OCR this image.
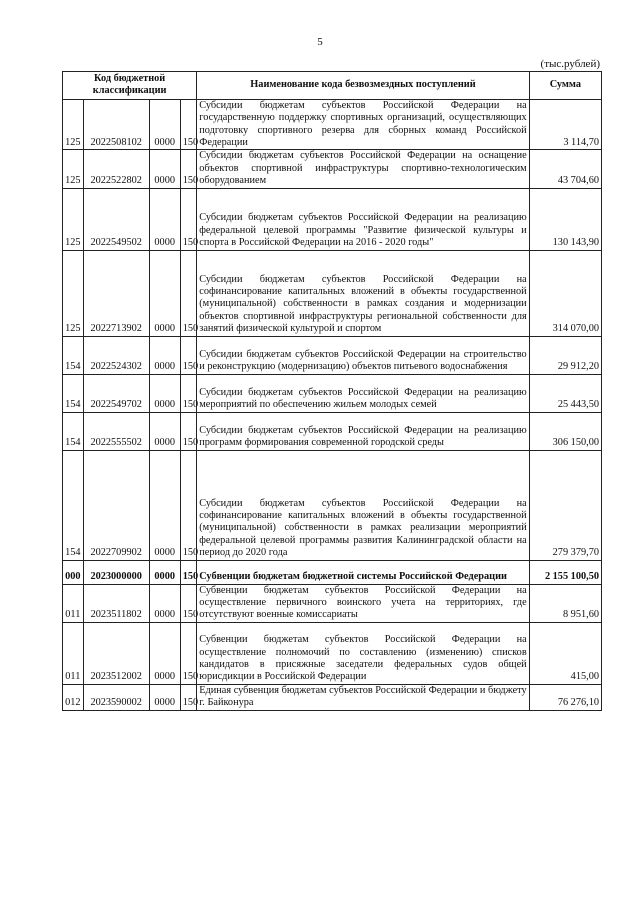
5
(тыс.рублей)
Код бюджетной классификации				Наименование кода безвозмездных поступлений	Сумма
125	2022508102	0000	150	Субсидии бюджетам субъектов Российской Федерации на государственную поддержку спортивных организаций, осуществляющих подготовку спортивного резерва для сборных команд Российской Федерации	3 114,70
125	2022522802	0000	150	Субсидии бюджетам субъектов Российской Федерации на оснащение объектов спортивной инфраструктуры спортивно-технологическим оборудованием	43 704,60
125	2022549502	0000	150	Субсидии бюджетам субъектов Российской Федерации на реализацию федеральной целевой программы "Развитие физической культуры и спорта в Российской Федерации на 2016 - 2020 годы"	130 143,90
125	2022713902	0000	150	Субсидии бюджетам субъектов Российской Федерации на софинансирование капитальных вложений в объекты государственной (муниципальной) собственности в рамках создания и модернизации объектов спортивной инфраструктуры региональной собственности для занятий физической культурой и спортом	314 070,00
154	2022524302	0000	150	Субсидии бюджетам субъектов Российской Федерации на строительство и реконструкцию (модернизацию) объектов питьевого водоснабжения	29 912,20
154	2022549702	0000	150	Субсидии бюджетам субъектов Российской Федерации на реализацию мероприятий по обеспечению жильем молодых семей	25 443,50
154	2022555502	0000	150	Субсидии бюджетам субъектов Российской Федерации на реализацию программ формирования современной городской среды	306 150,00
154	2022709902	0000	150	Субсидии бюджетам субъектов Российской Федерации на софинансирование капитальных вложений в объекты государственной (муниципальной) собственности в рамках реализации мероприятий федеральной целевой программы развития Калининградской области на период до 2020 года	279 379,70
000	2023000000	0000	150	Субвенции бюджетам бюджетной системы Российской Федерации	2 155 100,50
011	2023511802	0000	150	Субвенции бюджетам субъектов Российской Федерации на осуществление первичного воинского учета на территориях, где отсутствуют военные комиссариаты	8 951,60
011	2023512002	0000	150	Субвенции бюджетам субъектов Российской Федерации на осуществление полномочий по составлению (изменению) списков кандидатов в присяжные заседатели федеральных судов общей юрисдикции в Российской Федерации	415,00
012	2023590002	0000	150	Единая субвенция бюджетам субъектов Российской Федерации и бюджету г. Байконура	76 276,10
